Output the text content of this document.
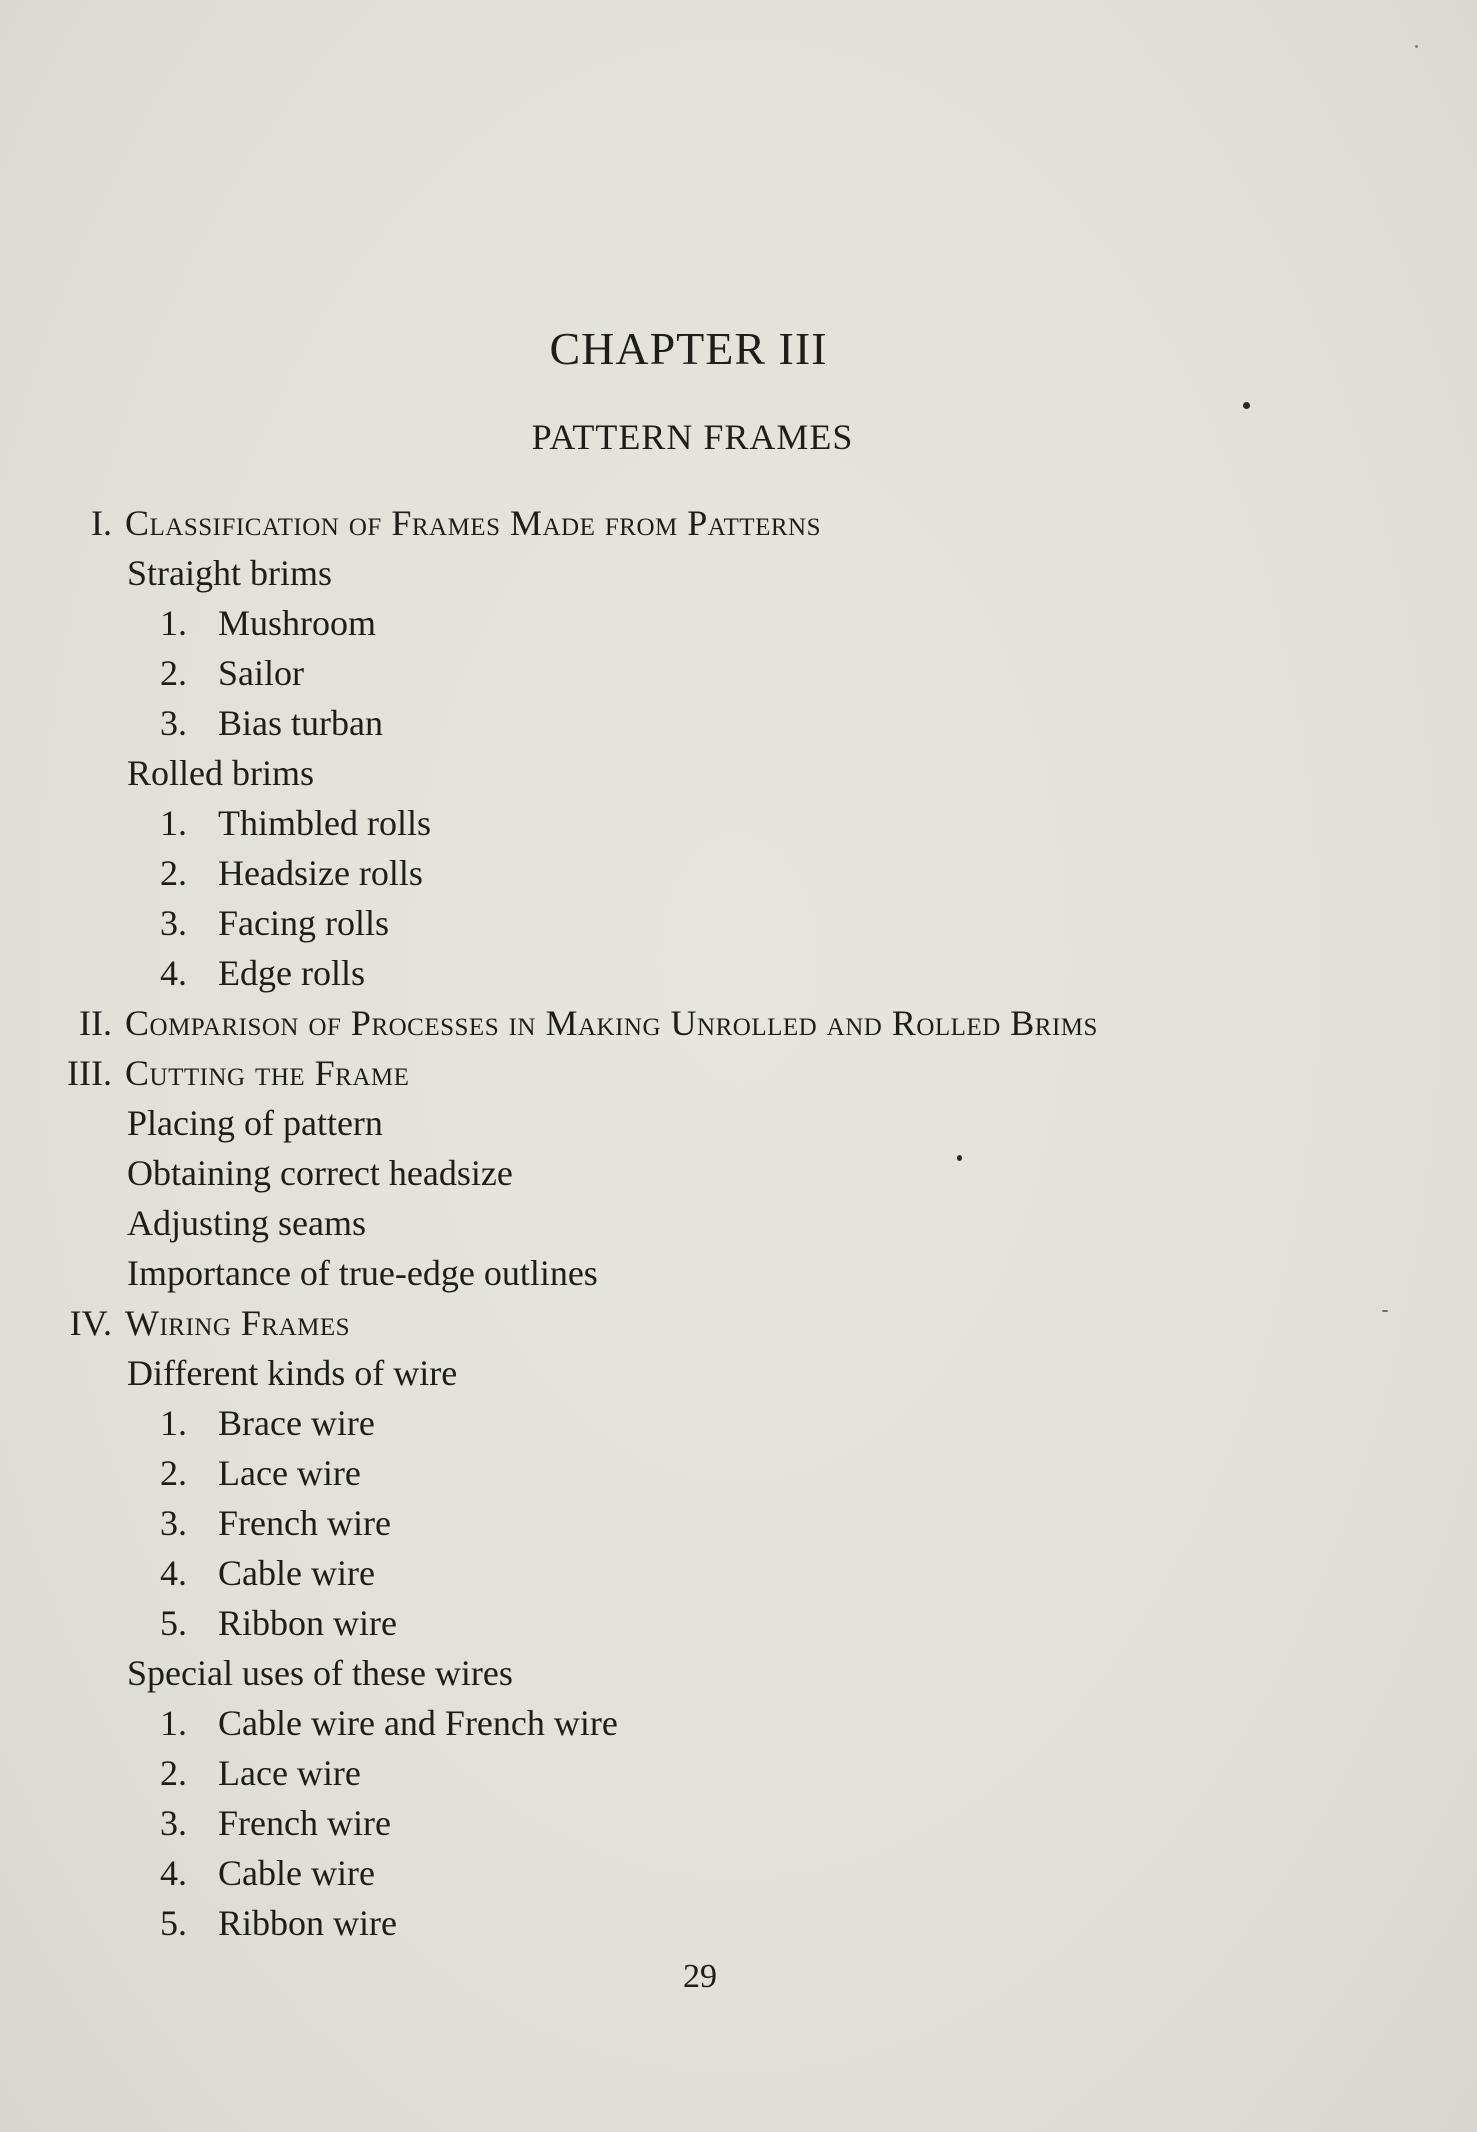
CHAPTER III
PATTERN FRAMES
I. Classification of Frames Made from Patterns
Straight brims
1. Mushroom
2. Sailor
3. Bias turban
Rolled brims
1. Thimbled rolls
2. Headsize rolls
3. Facing rolls
4. Edge rolls
II. Comparison of Processes in Making Unrolled and Rolled Brims
III. Cutting the Frame
Placing of pattern
Obtaining correct headsize
Adjusting seams
Importance of true-edge outlines
IV. Wiring Frames
Different kinds of wire
1. Brace wire
2. Lace wire
3. French wire
4. Cable wire
5. Ribbon wire
Special uses of these wires
1. Cable wire and French wire
2. Lace wire
3. French wire
4. Cable wire
5. Ribbon wire
29
